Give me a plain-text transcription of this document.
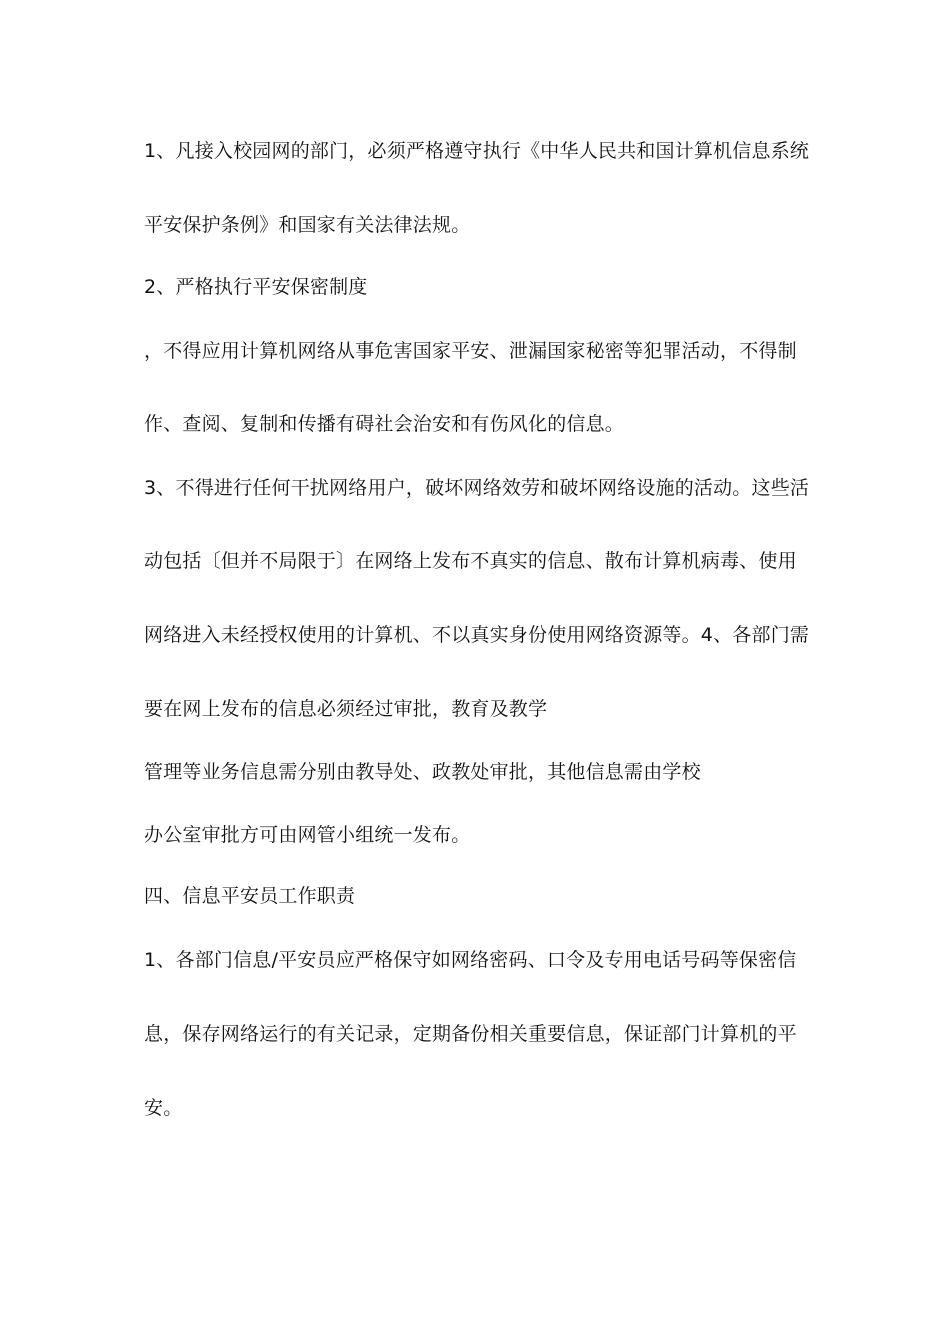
1、凡接入校园网的部门，必须严格遵守执行《中华人民共和国计算机信息系统
平安保护条例》和国家有关法律法规。
2、严格执行平安保密制度
，不得应用计算机网络从事危害国家平安、泄漏国家秘密等犯罪活动，不得制
作、查阅、复制和传播有碍社会治安和有伤风化的信息。
3、不得进行任何干扰网络用户，破坏网络效劳和破坏网络设施的活动。这些活
动包括〔但并不局限于〕在网络上发布不真实的信息、散布计算机病毒、使用
网络进入未经授权使用的计算机、不以真实身份使用网络资源等。4、各部门需
要在网上发布的信息必须经过审批，教育及教学
管理等业务信息需分别由教导处、政教处审批，其他信息需由学校
办公室审批方可由网管小组统一发布。
四、信息平安员工作职责
1、各部门信息/平安员应严格保守如网络密码、口令及专用电话号码等保密信
息，保存网络运行的有关记录，定期备份相关重要信息，保证部门计算机的平
安。
